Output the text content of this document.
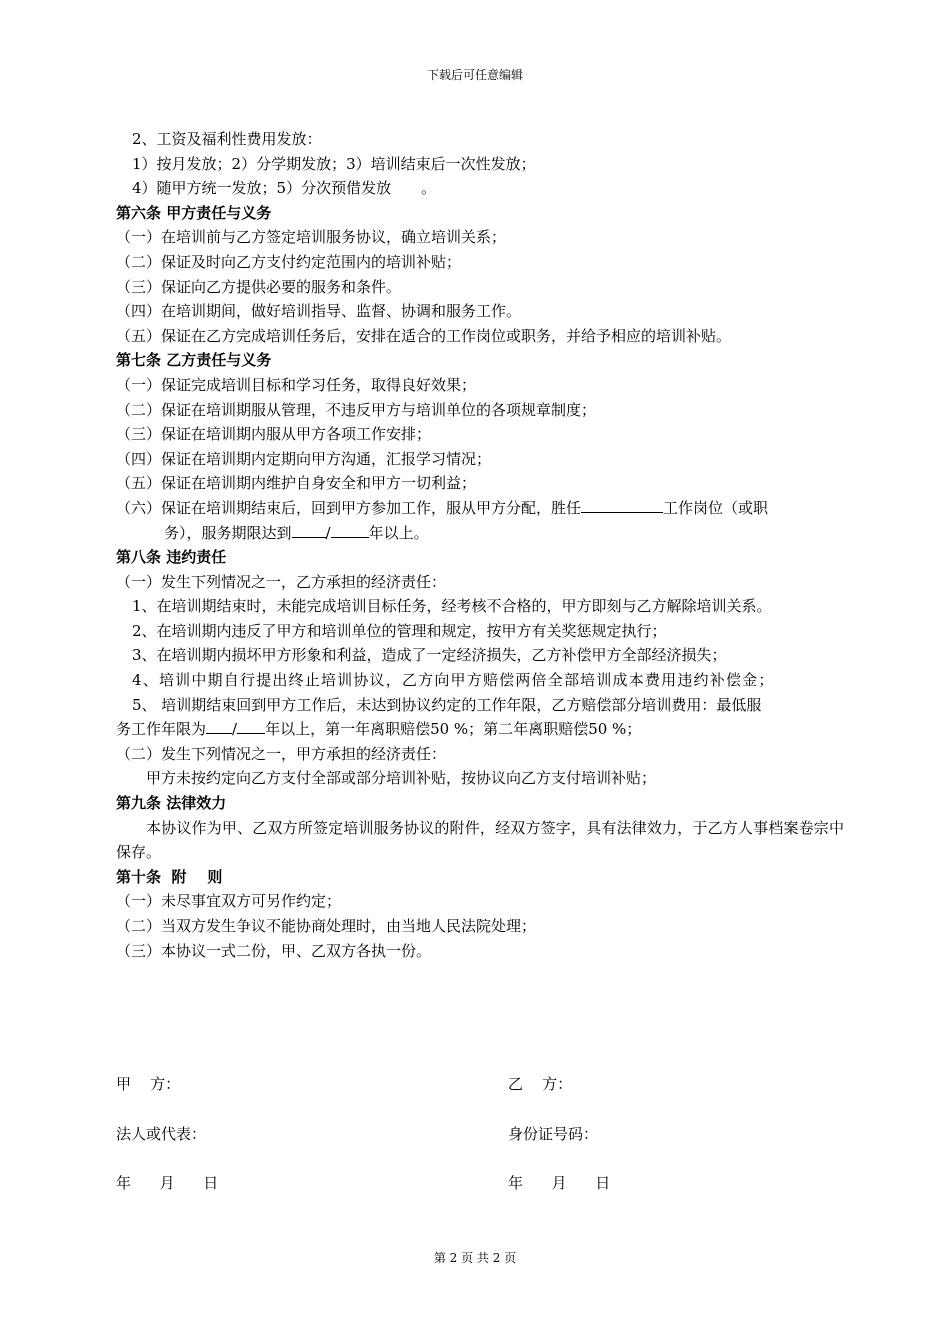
下载后可任意编辑
2、工资及福利性费用发放：
1）按月发放；2）分学期发放；3）培训结束后一次性发放；
4）随甲方统一发放；5）分次预借发放　　。
第六条 甲方责任与义务
（一）在培训前与乙方签定培训服务协议，确立培训关系；
（二）保证及时向乙方支付约定范围内的培训补贴；
（三）保证向乙方提供必要的服务和条件。
（四）在培训期间，做好培训指导、监督、协调和服务工作。
（五）保证在乙方完成培训任务后，安排在适合的工作岗位或职务，并给予相应的培训补贴。
第七条 乙方责任与义务
（一）保证完成培训目标和学习任务，取得良好效果；
（二）保证在培训期服从管理，不违反甲方与培训单位的各项规章制度；
（三）保证在培训期内服从甲方各项工作安排；
（四）保证在培训期内定期向甲方沟通，汇报学习情况；
（五）保证在培训期内维护自身安全和甲方一切利益；
（六）保证在培训期结束后，回到甲方参加工作，服从甲方分配，胜任	工作岗位（或职
务），服务期限达到 /	年以上。
第八条 违约责任
（一）发生下列情况之一，乙方承担的经济责任：
1、在培训期结束时，未能完成培训目标任务，经考核不合格的，甲方即刻与乙方解除培训关系。
2、在培训期内违反了甲方和培训单位的管理和规定，按甲方有关奖惩规定执行；
3、在培训期内损坏甲方形象和利益，造成了一定经济损失，乙方补偿甲方全部经济损失；
4、培训中期自行提出终止培训协议，乙方向甲方赔偿两倍全部培训成本费用违约补偿金；
5、 培训期结束回到甲方工作后，未达到协议约定的工作年限，乙方赔偿部分培训费用：最低服
务工作年限为 / 年以上，第一年离职赔偿50 %；第二年离职赔偿50 %；
（二）发生下列情况之一，甲方承担的经济责任：
甲方未按约定向乙方支付全部或部分培训补贴，按协议向乙方支付培训补贴；
第九条 法律效力
本协议作为甲、乙双方所签定培训服务协议的附件，经双方签字，具有法律效力，于乙方人事档案卷宗中保存。
第十条  附    则
（一）未尽事宜双方可另作约定；
（二）当双方发生争议不能协商处理时，由当地人民法院处理；
（三）本协议一式二份，甲、乙双方各执一份。
甲    方：	乙    方：
法人或代表：	身份证号码：
年      月      日	年      月      日
第 2 页 共 2 页
